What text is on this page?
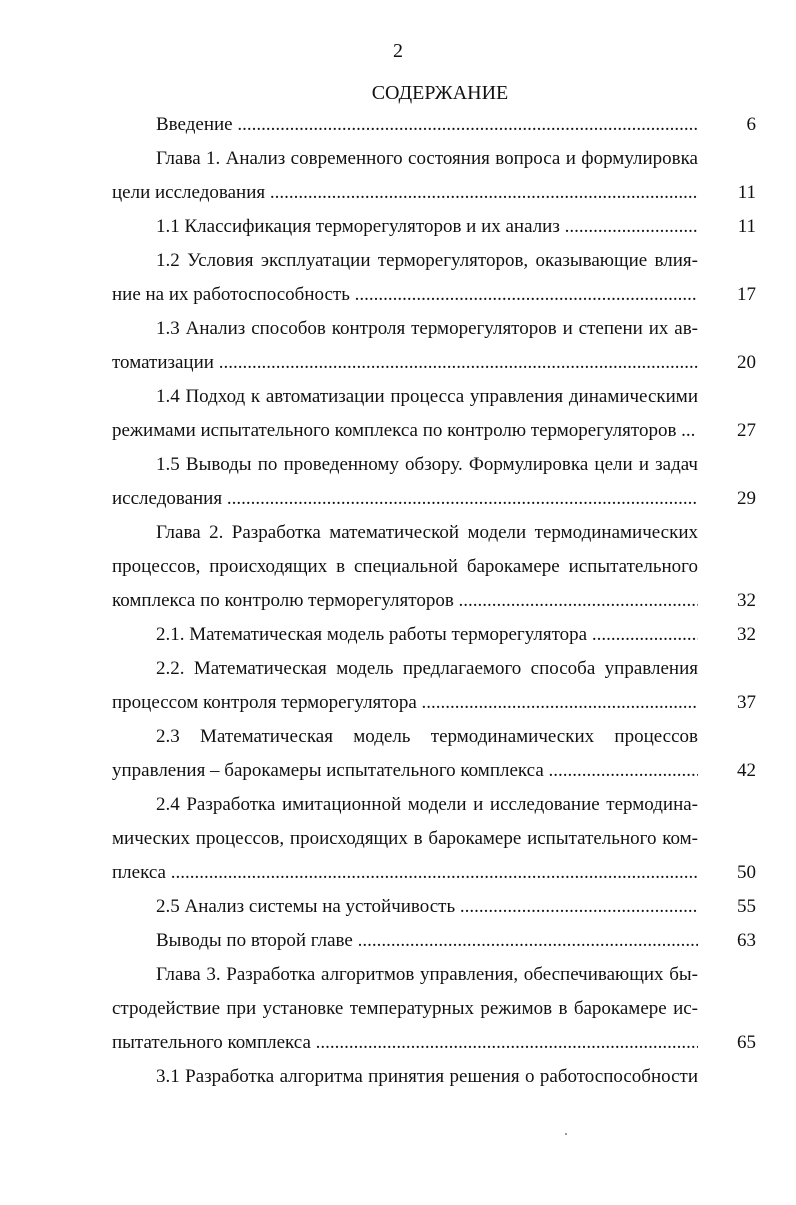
2
СОДЕРЖАНИЕ
Введение .....	6
Глава 1. Анализ современного состояния вопроса и формулировка
цели исследования .....	11
1.1 Классификация терморегуляторов и их анализ .....	11
1.2 Условия эксплуатации терморегуляторов, оказывающие влия-
ние на их работоспособность .....	17
1.3 Анализ способов контроля терморегуляторов и степени их ав-
томатизации .....	20
1.4 Подход к автоматизации процесса управления динамическими
режимами испытательного комплекса по контролю терморегуляторов ... ..... 27
1.5 Выводы по проведенному обзору. Формулировка цели и задач
исследования .....	29
Глава 2. Разработка математической модели термодинамических
процессов, происходящих в специальной барокамере испытательного
комплекса по контролю терморегуляторов .....	32
2.1. Математическая модель работы терморегулятора .....	32
2.2. Математическая модель предлагаемого способа управления
процессом контроля терморегулятора .....	37
2.3 Математическая модель термодинамических процессов
управления – барокамеры испытательного комплекса .....	42
2.4 Разработка имитационной модели и исследование термодина-
мических процессов, происходящих в барокамере испытательного ком-
плекса .....	50
2.5 Анализ системы на устойчивость .....	55
Выводы по второй главе .....	63
Глава 3. Разработка алгоритмов управления, обеспечивающих бы-
стродействие при установке температурных режимов в барокамере ис-
пытательного комплекса .....	65
3.1 Разработка алгоритма принятия решения о работоспособности
